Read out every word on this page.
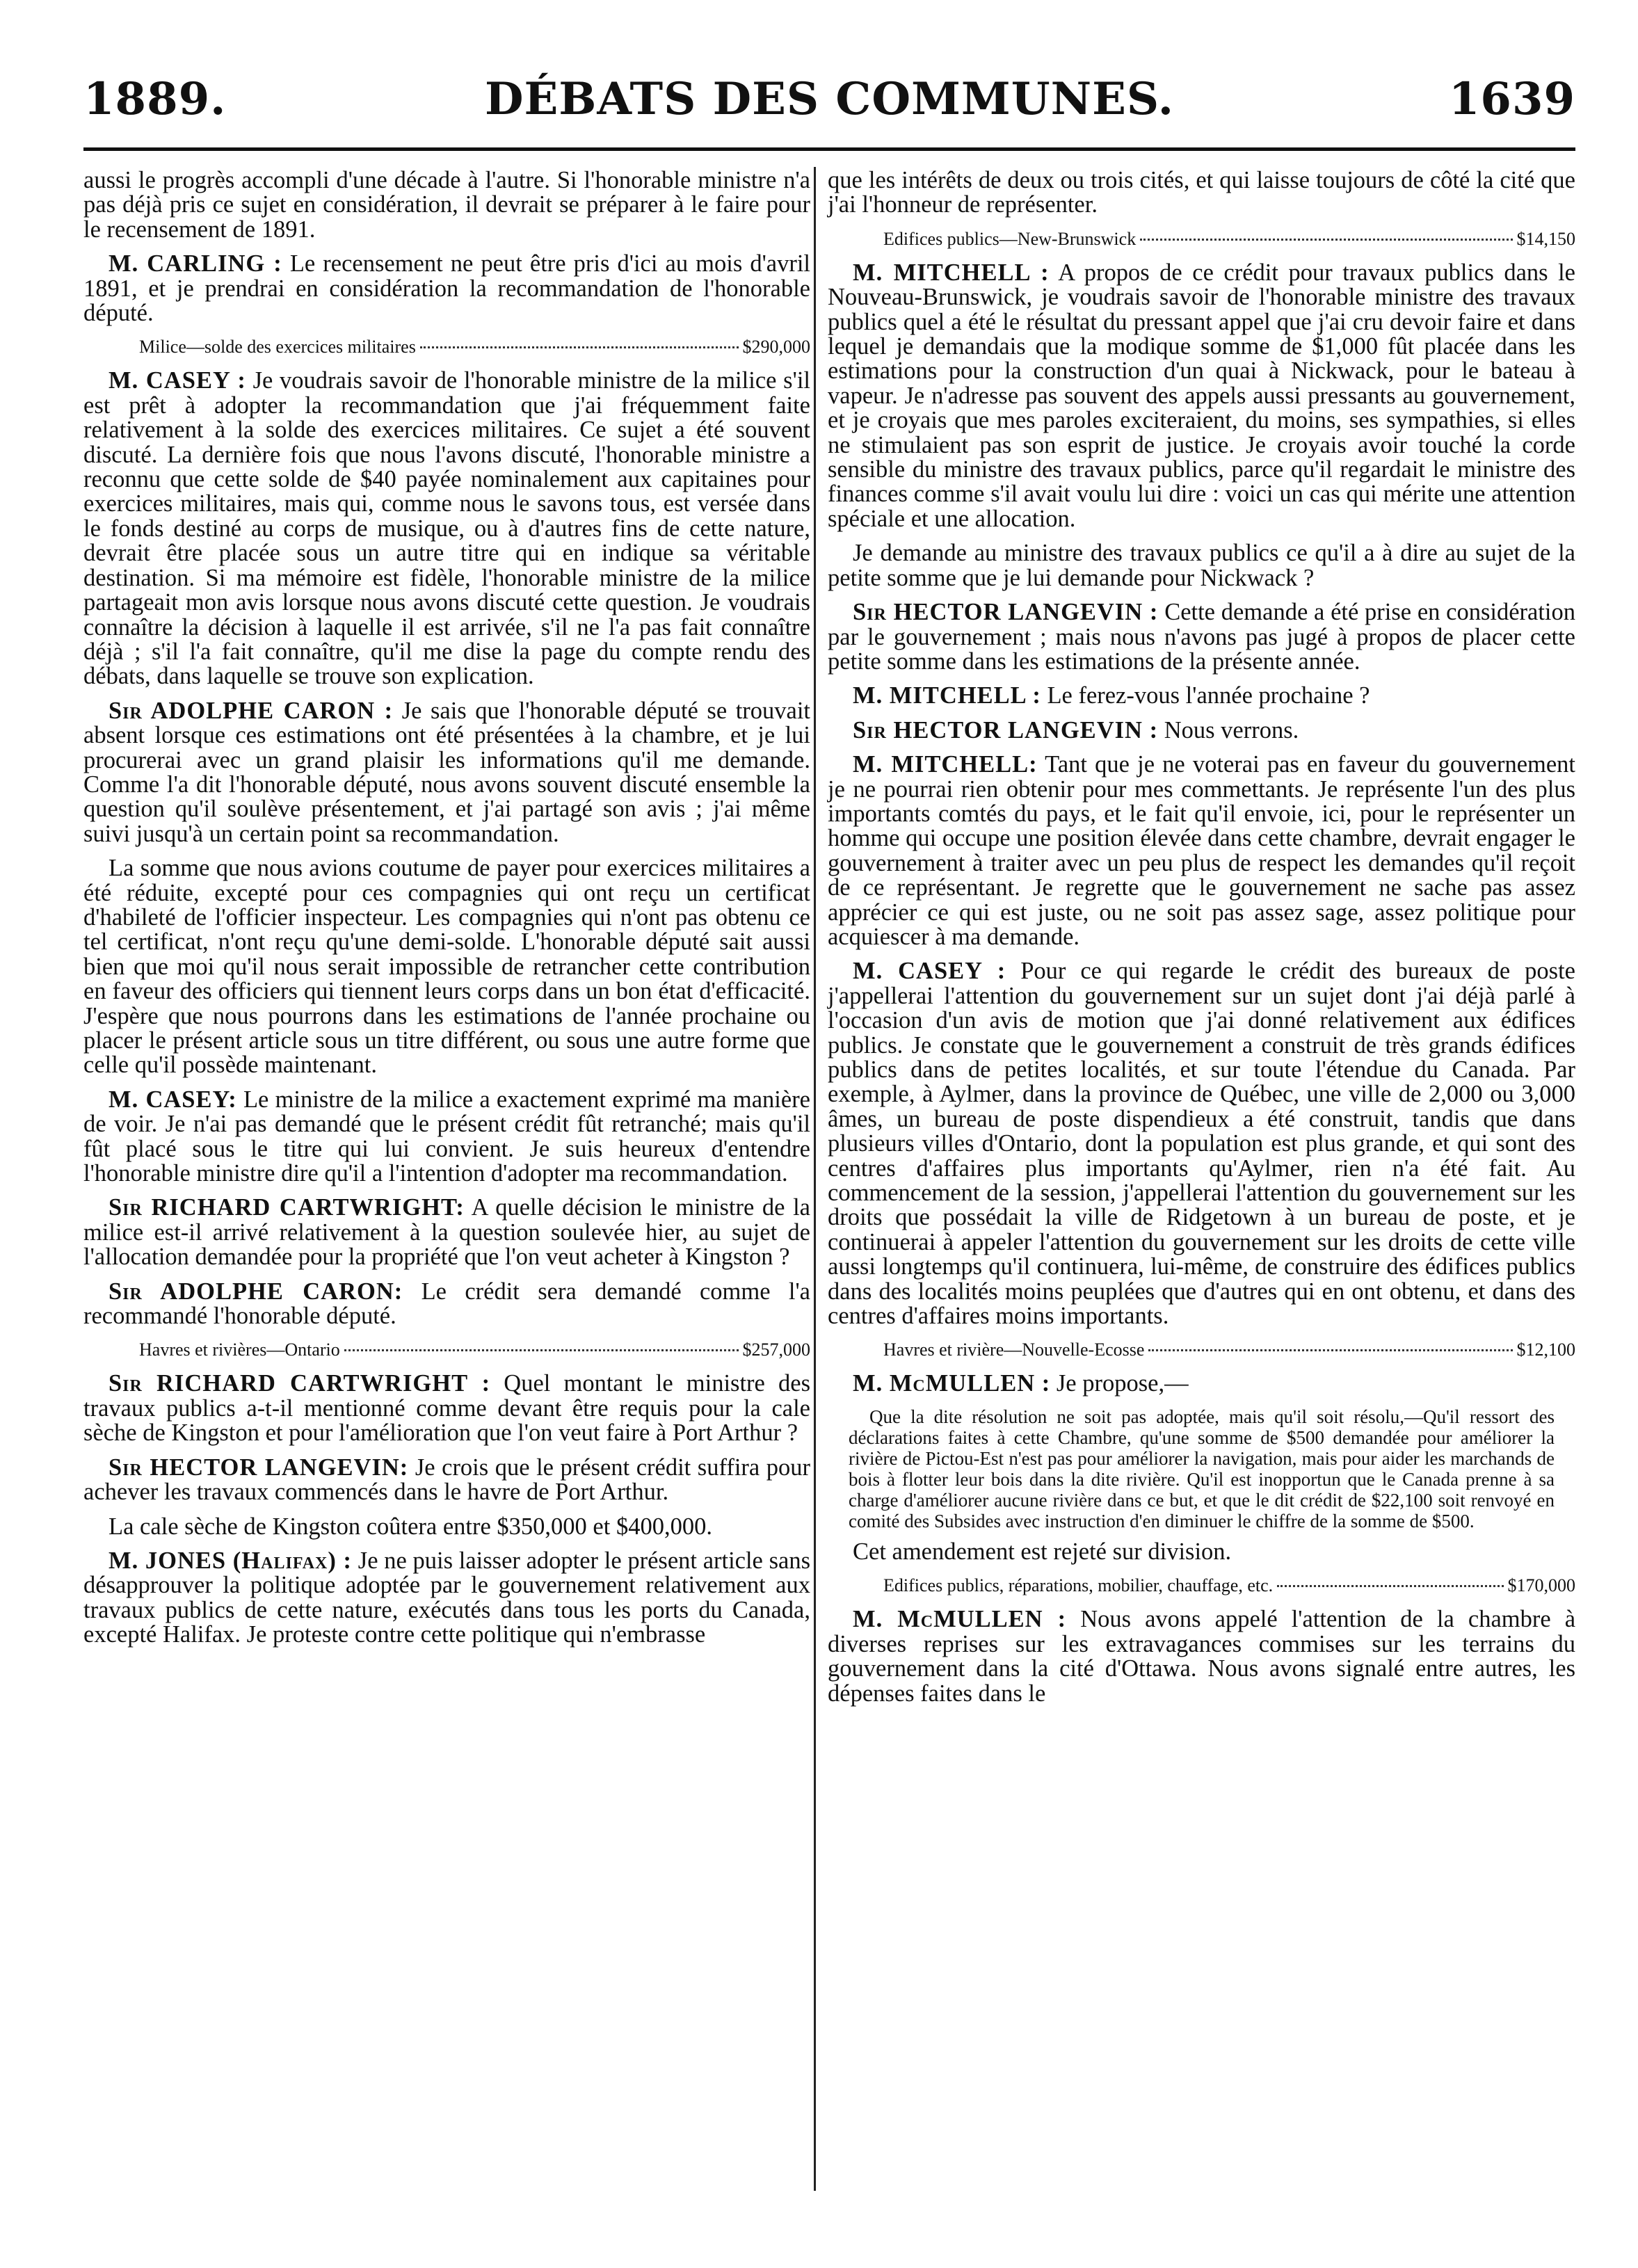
1889.	DÉBATS DES COMMUNES.	1639

aussi le progrès accompli d'une décade à l'autre. Si l'honorable ministre n'a pas déjà pris ce sujet en considération, il devrait se préparer à le faire pour le recensement de 1891.

M. CARLING : Le recensement ne peut être pris d'ici au mois d'avril 1891, et je prendrai en considération la recommandation de l'honorable député.

Milice—solde des exercices militaires	$290,000

M. CASEY : Je voudrais savoir de l'honorable ministre de la milice s'il est prêt à adopter la recommandation que j'ai fréquemment faite relativement à la solde des exercices militaires. Ce sujet a été souvent discuté. La dernière fois que nous l'avons discuté, l'honorable ministre a reconnu que cette solde de $40 payée nominalement aux capitaines pour exercices militaires, mais qui, comme nous le savons tous, est versée dans le fonds destiné au corps de musique, ou à d'autres fins de cette nature, devrait être placée sous un autre titre qui en indique sa véritable destination. Si ma mémoire est fidèle, l'honorable ministre de la milice partageait mon avis lorsque nous avons discuté cette question. Je voudrais connaître la décision à laquelle il est arrivée, s'il ne l'a pas fait connaître déjà ; s'il l'a fait connaître, qu'il me dise la page du compte rendu des débats, dans laquelle se trouve son explication.

Sir ADOLPHE CARON : Je sais que l'honorable député se trouvait absent lorsque ces estimations ont été présentées à la chambre, et je lui procurerai avec un grand plaisir les informations qu'il me demande. Comme l'a dit l'honorable député, nous avons souvent discuté ensemble la question qu'il soulève présentement, et j'ai partagé son avis ; j'ai même suivi jusqu'à un certain point sa recommandation.

La somme que nous avions coutume de payer pour exercices militaires a été réduite, excepté pour ces compagnies qui ont reçu un certificat d'habileté de l'officier inspecteur. Les compagnies qui n'ont pas obtenu ce tel certificat, n'ont reçu qu'une demi-solde. L'honorable député sait aussi bien que moi qu'il nous serait impossible de retrancher cette contribution en faveur des officiers qui tiennent leurs corps dans un bon état d'efficacité. J'espère que nous pourrons dans les estimations de l'année prochaine ou placer le présent article sous un titre différent, ou sous une autre forme que celle qu'il possède maintenant.

M. CASEY: Le ministre de la milice a exactement exprimé ma manière de voir. Je n'ai pas demandé que le présent crédit fût retranché; mais qu'il fût placé sous le titre qui lui convient. Je suis heureux d'entendre l'honorable ministre dire qu'il a l'intention d'adopter ma recommandation.

Sir RICHARD CARTWRIGHT: A quelle décision le ministre de la milice est-il arrivé relativement à la question soulevée hier, au sujet de l'allocation demandée pour la propriété que l'on veut acheter à Kingston ?

Sir ADOLPHE CARON: Le crédit sera demandé comme l'a recommandé l'honorable député.

Havres et rivières—Ontario	$257,000

Sir RICHARD CARTWRIGHT : Quel montant le ministre des travaux publics a-t-il mentionné comme devant être requis pour la cale sèche de Kingston et pour l'amélioration que l'on veut faire à Port Arthur ?

Sir HECTOR LANGEVIN: Je crois que le présent crédit suffira pour achever les travaux commencés dans le havre de Port Arthur.

La cale sèche de Kingston coûtera entre $350,000 et $400,000.

M. JONES (Halifax) : Je ne puis laisser adopter le présent article sans désapprouver la politique adoptée par le gouvernement relativement aux travaux publics de cette nature, exécutés dans tous les ports du Canada, excepté Halifax. Je proteste contre cette politique qui n'embrasse

que les intérêts de deux ou trois cités, et qui laisse toujours de côté la cité que j'ai l'honneur de représenter.

Edifices publics—New-Brunswick	$14,150

M. MITCHELL : A propos de ce crédit pour travaux publics dans le Nouveau-Brunswick, je voudrais savoir de l'honorable ministre des travaux publics quel a été le résultat du pressant appel que j'ai cru devoir faire et dans lequel je demandais que la modique somme de $1,000 fût placée dans les estimations pour la construction d'un quai à Nickwack, pour le bateau à vapeur. Je n'adresse pas souvent des appels aussi pressants au gouvernement, et je croyais que mes paroles exciteraient, du moins, ses sympathies, si elles ne stimulaient pas son esprit de justice. Je croyais avoir touché la corde sensible du ministre des travaux publics, parce qu'il regardait le ministre des finances comme s'il avait voulu lui dire : voici un cas qui mérite une attention spéciale et une allocation.

Je demande au ministre des travaux publics ce qu'il a à dire au sujet de la petite somme que je lui demande pour Nickwack ?

Sir HECTOR LANGEVIN : Cette demande a été prise en considération par le gouvernement ; mais nous n'avons pas jugé à propos de placer cette petite somme dans les estimations de la présente année.

M. MITCHELL : Le ferez-vous l'année prochaine ?

Sir HECTOR LANGEVIN : Nous verrons.

M. MITCHELL: Tant que je ne voterai pas en faveur du gouvernement je ne pourrai rien obtenir pour mes commettants. Je représente l'un des plus importants comtés du pays, et le fait qu'il envoie, ici, pour le représenter un homme qui occupe une position élevée dans cette chambre, devrait engager le gouvernement à traiter avec un peu plus de respect les demandes qu'il reçoit de ce représentant. Je regrette que le gouvernement ne sache pas assez apprécier ce qui est juste, ou ne soit pas assez sage, assez politique pour acquiescer à ma demande.

M. CASEY : Pour ce qui regarde le crédit des bureaux de poste j'appellerai l'attention du gouvernement sur un sujet dont j'ai déjà parlé à l'occasion d'un avis de motion que j'ai donné relativement aux édifices publics. Je constate que le gouvernement a construit de très grands édifices publics dans de petites localités, et sur toute l'étendue du Canada. Par exemple, à Aylmer, dans la province de Québec, une ville de 2,000 ou 3,000 âmes, un bureau de poste dispendieux a été construit, tandis que dans plusieurs villes d'Ontario, dont la population est plus grande, et qui sont des centres d'affaires plus importants qu'Aylmer, rien n'a été fait. Au commencement de la session, j'appellerai l'attention du gouvernement sur les droits que possédait la ville de Ridgetown à un bureau de poste, et je continuerai à appeler l'attention du gouvernement sur les droits de cette ville aussi longtemps qu'il continuera, lui-même, de construire des édifices publics dans des localités moins peuplées que d'autres qui en ont obtenu, et dans des centres d'affaires moins importants.

Havres et rivière—Nouvelle-Ecosse	$12,100

M. McMULLEN : Je propose,—

Que la dite résolution ne soit pas adoptée, mais qu'il soit résolu,—Qu'il ressort des déclarations faites à cette Chambre, qu'une somme de $500 demandée pour améliorer la rivière de Pictou-Est n'est pas pour améliorer la navigation, mais pour aider les marchands de bois à flotter leur bois dans la dite rivière. Qu'il est inopportun que le Canada prenne à sa charge d'améliorer aucune rivière dans ce but, et que le dit crédit de $22,100 soit renvoyé en comité des Subsides avec instruction d'en diminuer le chiffre de la somme de $500.

Cet amendement est rejeté sur division.

Edifices publics, réparations, mobilier, chauffage, etc.	$170,000

M. McMULLEN : Nous avons appelé l'attention de la chambre à diverses reprises sur les extravagances commises sur les terrains du gouvernement dans la cité d'Ottawa. Nous avons signalé entre autres, les dépenses faites dans le
